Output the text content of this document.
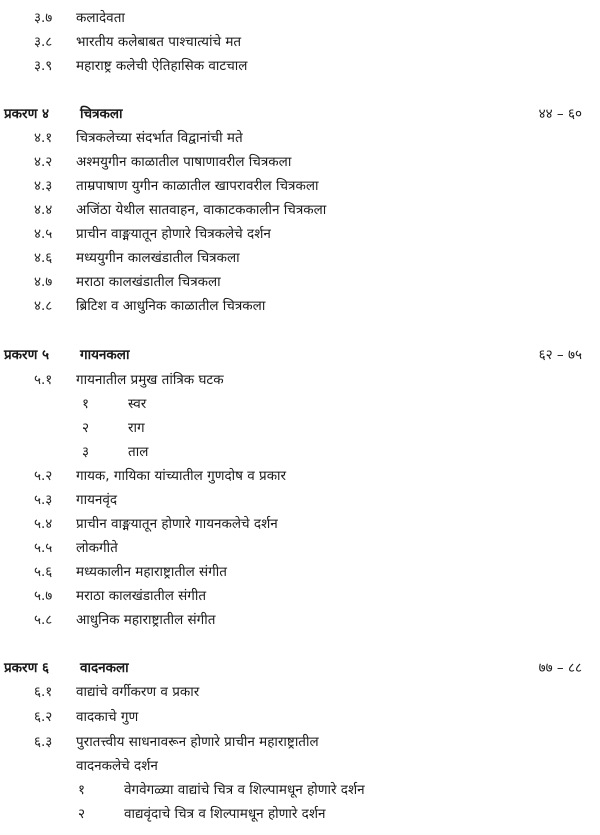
३.७ कलादेवता
३.८ भारतीय कलेबाबत पाश्चात्यांचे मत
३.९ महाराष्ट्र कलेची ऐतिहासिक वाटचाल
प्रकरण ४ चित्रकला	४४ – ६०
४.१ चित्रकलेच्या संदर्भात विद्वानांची मते
४.२ अश्मयुगीन काळातील पाषाणावरील चित्रकला
४.३ ताम्रपाषाण युगीन काळातील खापरावरील चित्रकला
४.४ अजिंठा येथील सातवाहन, वाकाटककालीन चित्रकला
४.५ प्राचीन वाङ्मयातून होणारे चित्रकलेचे दर्शन
४.६ मध्ययुगीन कालखंडातील चित्रकला
४.७ मराठा कालखंडातील चित्रकला
४.८ ब्रिटिश व आधुनिक काळातील चित्रकला
प्रकरण ५ गायनकला	६२ – ७५
५.१ गायनातील प्रमुख तांत्रिक घटक
१	स्वर
२	राग
३	ताल
५.२ गायक, गायिका यांच्यातील गुणदोष व प्रकार
५.३ गायनवृंद
५.४ प्राचीन वाङ्मयातून होणारे गायनकलेचे दर्शन
५.५ लोकगीते
५.६ मध्यकालीन महाराष्ट्रातील संगीत
५.७ मराठा कालखंडातील संगीत
५.८ आधुनिक महाराष्ट्रातील संगीत
प्रकरण ६ वादनकला	७७ – ८८
६.१ वाद्यांचे वर्गीकरण व प्रकार
६.२ वादकाचे गुण
६.३ पुरातत्त्वीय साधनावरून होणारे प्राचीन महाराष्ट्रातील
वादनकलेचे दर्शन
१	वेगवेगळ्या वाद्यांचे चित्र व शिल्पामधून होणारे दर्शन
२	वाद्यवृंदाचे चित्र व शिल्पामधून होणारे दर्शन
